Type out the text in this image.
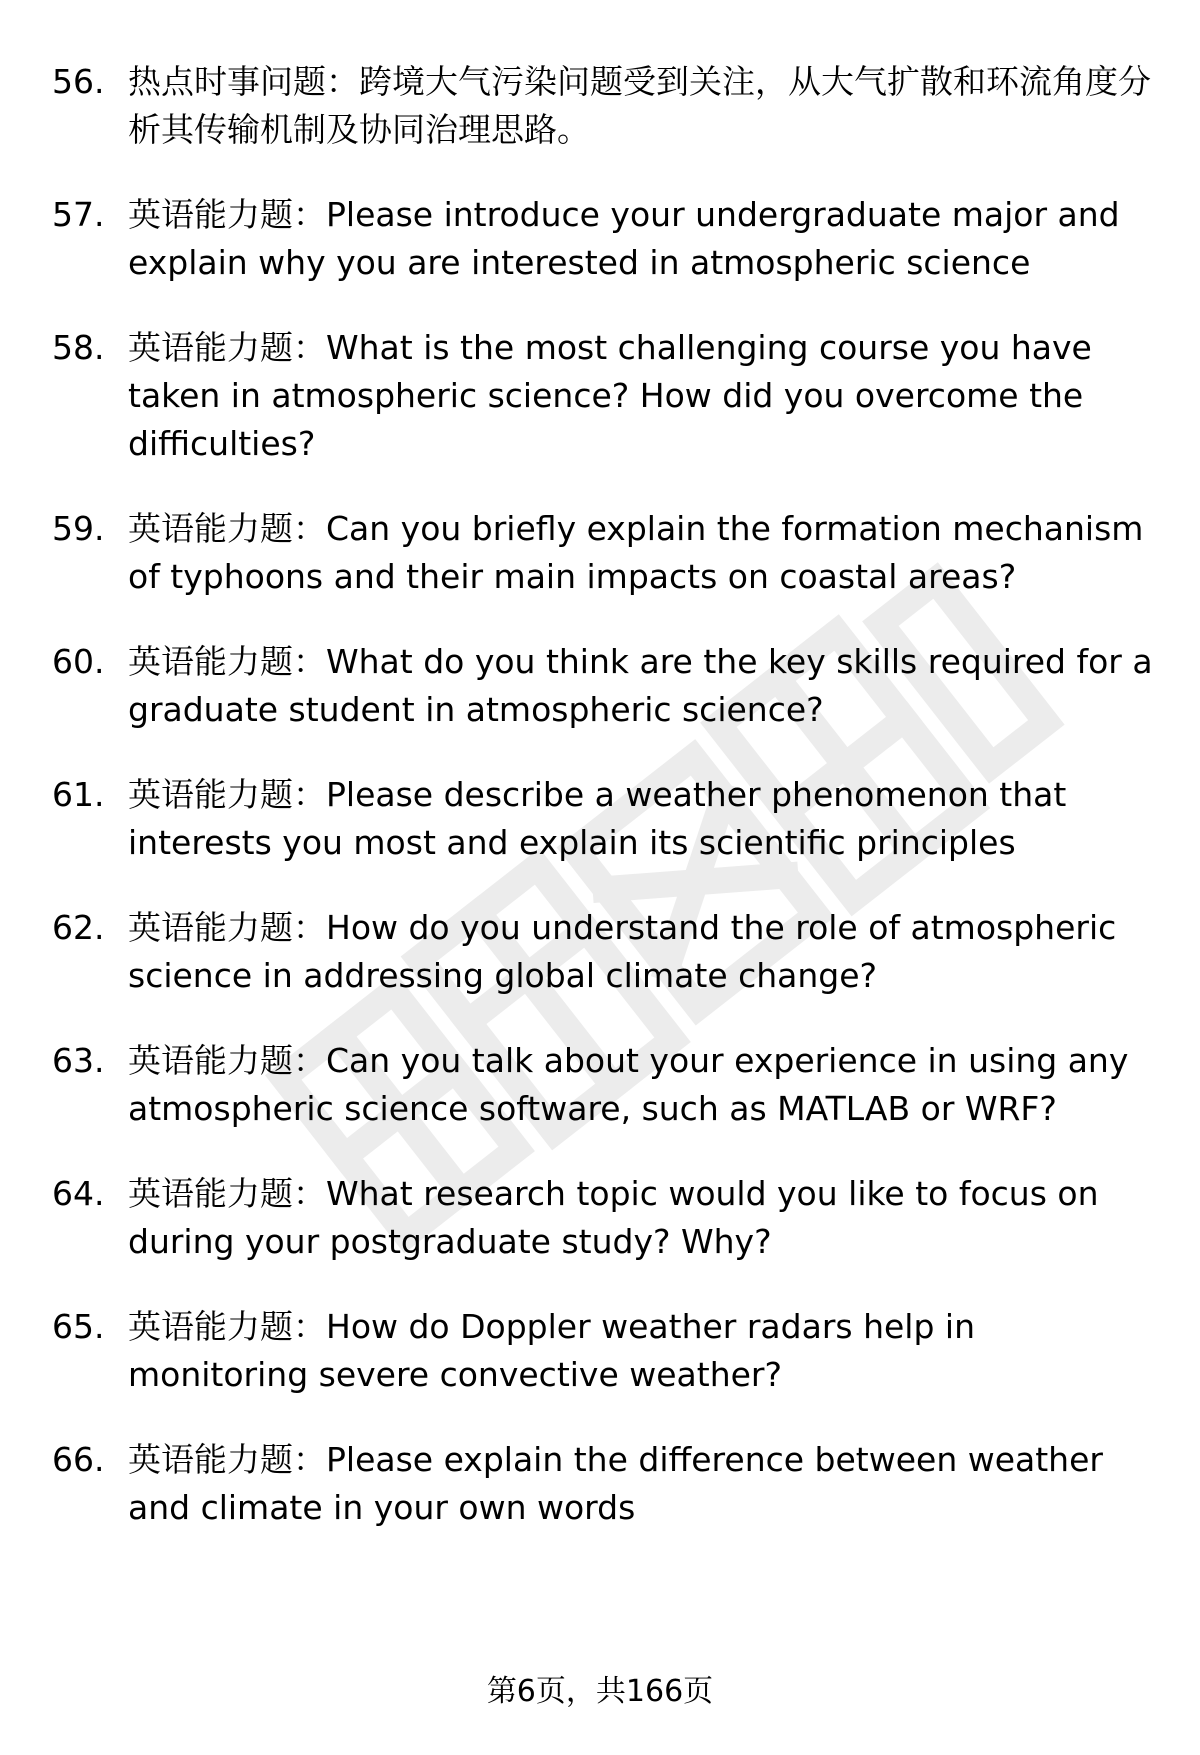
56. 热点时事问题：跨境大气污染问题受到关注，从大气扩散和环流角度分析其传输机制及协同治理思路。
57. 英语能力题：Please introduce your undergraduate major and explain why you are interested in atmospheric science
58. 英语能力题：What is the most challenging course you have taken in atmospheric science? How did you overcome the difficulties?
59. 英语能力题：Can you briefly explain the formation mechanism of typhoons and their main impacts on coastal areas?
60. 英语能力题：What do you think are the key skills required for a graduate student in atmospheric science?
61. 英语能力题：Please describe a weather phenomenon that interests you most and explain its scientific principles
62. 英语能力题：How do you understand the role of atmospheric science in addressing global climate change?
63. 英语能力题：Can you talk about your experience in using any atmospheric science software, such as MATLAB or WRF?
64. 英语能力题：What research topic would you like to focus on during your postgraduate study? Why?
65. 英语能力题：How do Doppler weather radars help in monitoring severe convective weather?
66. 英语能力题：Please explain the difference between weather and climate in your own words
第6页，共166页
